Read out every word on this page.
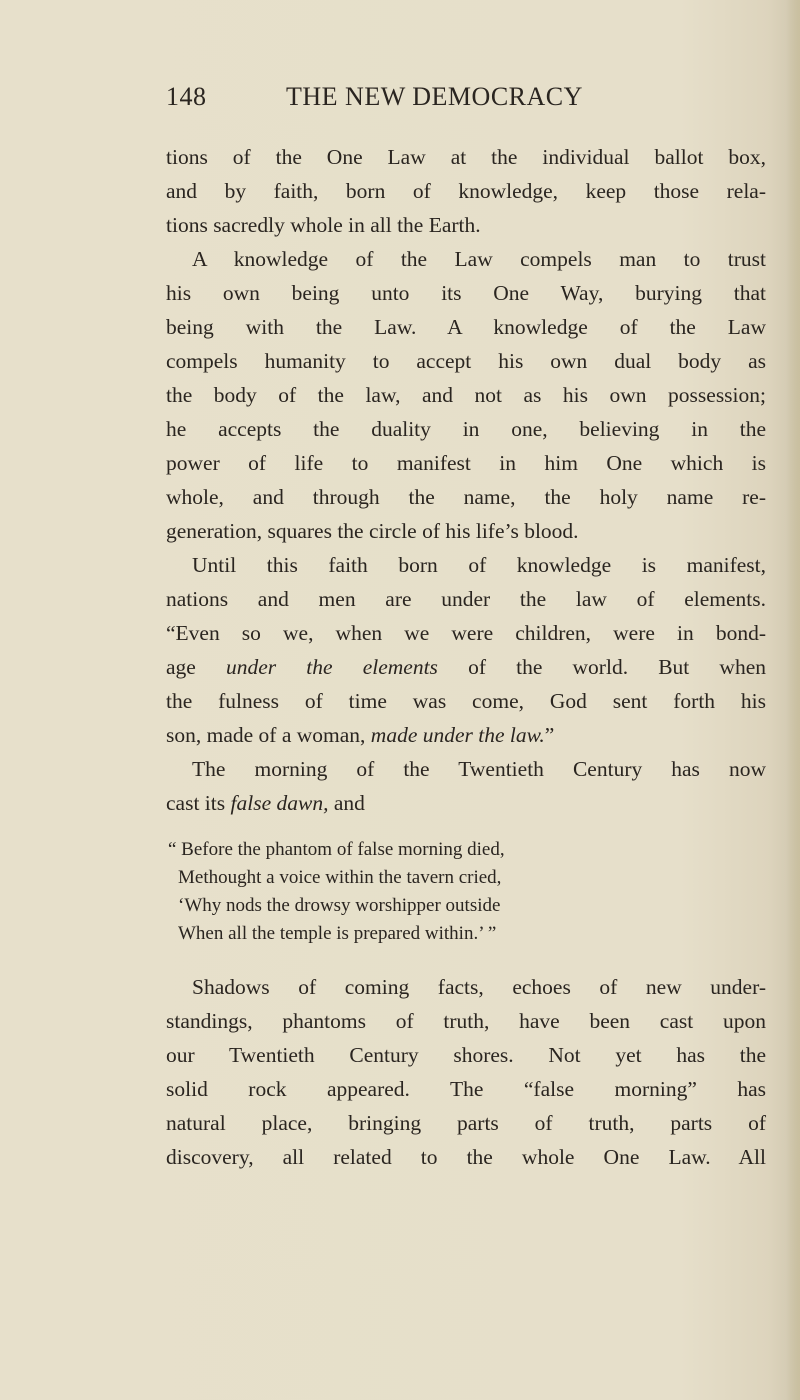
148	THE NEW DEMOCRACY
tions of the One Law at the individual ballot box,
and by faith, born of knowledge, keep those rela-
tions sacredly whole in all the Earth.
A knowledge of the Law compels man to trust
his own being unto its One Way, burying that
being with the Law. A knowledge of the Law
compels humanity to accept his own dual body as
the body of the law, and not as his own possession;
he accepts the duality in one, believing in the
power of life to manifest in him One which is
whole, and through the name, the holy name re-
generation, squares the circle of his life’s blood.
Until this faith born of knowledge is manifest,
nations and men are under the law of elements.
“Even so we, when we were children, were in bond-
age under the elements of the world. But when
the fulness of time was come, God sent forth his
son, made of a woman, made under the law.”
The morning of the Twentieth Century has now
cast its false dawn, and
“ Before the phantom of false morning died,
Methought a voice within the tavern cried,
‘Why nods the drowsy worshipper outside
When all the temple is prepared within.’ ”
Shadows of coming facts, echoes of new under-
standings, phantoms of truth, have been cast upon
our Twentieth Century shores. Not yet has the
solid rock appeared. The “false morning” has
natural place, bringing parts of truth, parts of
discovery, all related to the whole One Law. All
